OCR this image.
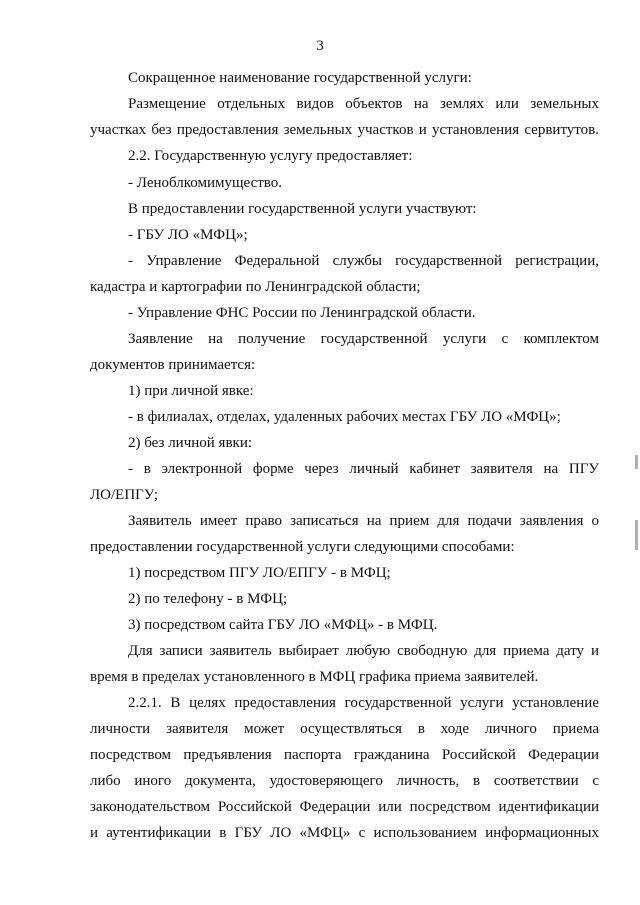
3
Сокращенное наименование государственной услуги:
Размещение отдельных видов объектов на землях или земельных
участках без предоставления земельных участков и установления сервитутов.
2.2. Государственную услугу предоставляет:
- Леноблкомимущество.
В предоставлении государственной услуги участвуют:
- ГБУ ЛО «МФЦ»;
- Управление Федеральной службы государственной регистрации,
кадастра и картографии по Ленинградской области;
- Управление ФНС России по Ленинградской области.
Заявление на получение государственной услуги с комплектом
документов принимается:
1) при личной явке:
- в филиалах, отделах, удаленных рабочих местах ГБУ ЛО «МФЦ»;
2) без личной явки:
- в электронной форме через личный кабинет заявителя на ПГУ
ЛО/ЕПГУ;
Заявитель имеет право записаться на прием для подачи заявления о
предоставлении государственной услуги следующими способами:
1) посредством ПГУ ЛО/ЕПГУ - в МФЦ;
2) по телефону - в МФЦ;
3) посредством сайта ГБУ ЛО «МФЦ» - в МФЦ.
Для записи заявитель выбирает любую свободную для приема дату и
время в пределах установленного в МФЦ графика приема заявителей.
2.2.1. В целях предоставления государственной услуги установление
личности заявителя может осуществляться в ходе личного приема
посредством предъявления паспорта гражданина Российской Федерации
либо иного документа, удостоверяющего личность, в соответствии с
законодательством Российской Федерации или посредством идентификации
и аутентификации в ГБУ ЛО «МФЦ» с использованием информационных
